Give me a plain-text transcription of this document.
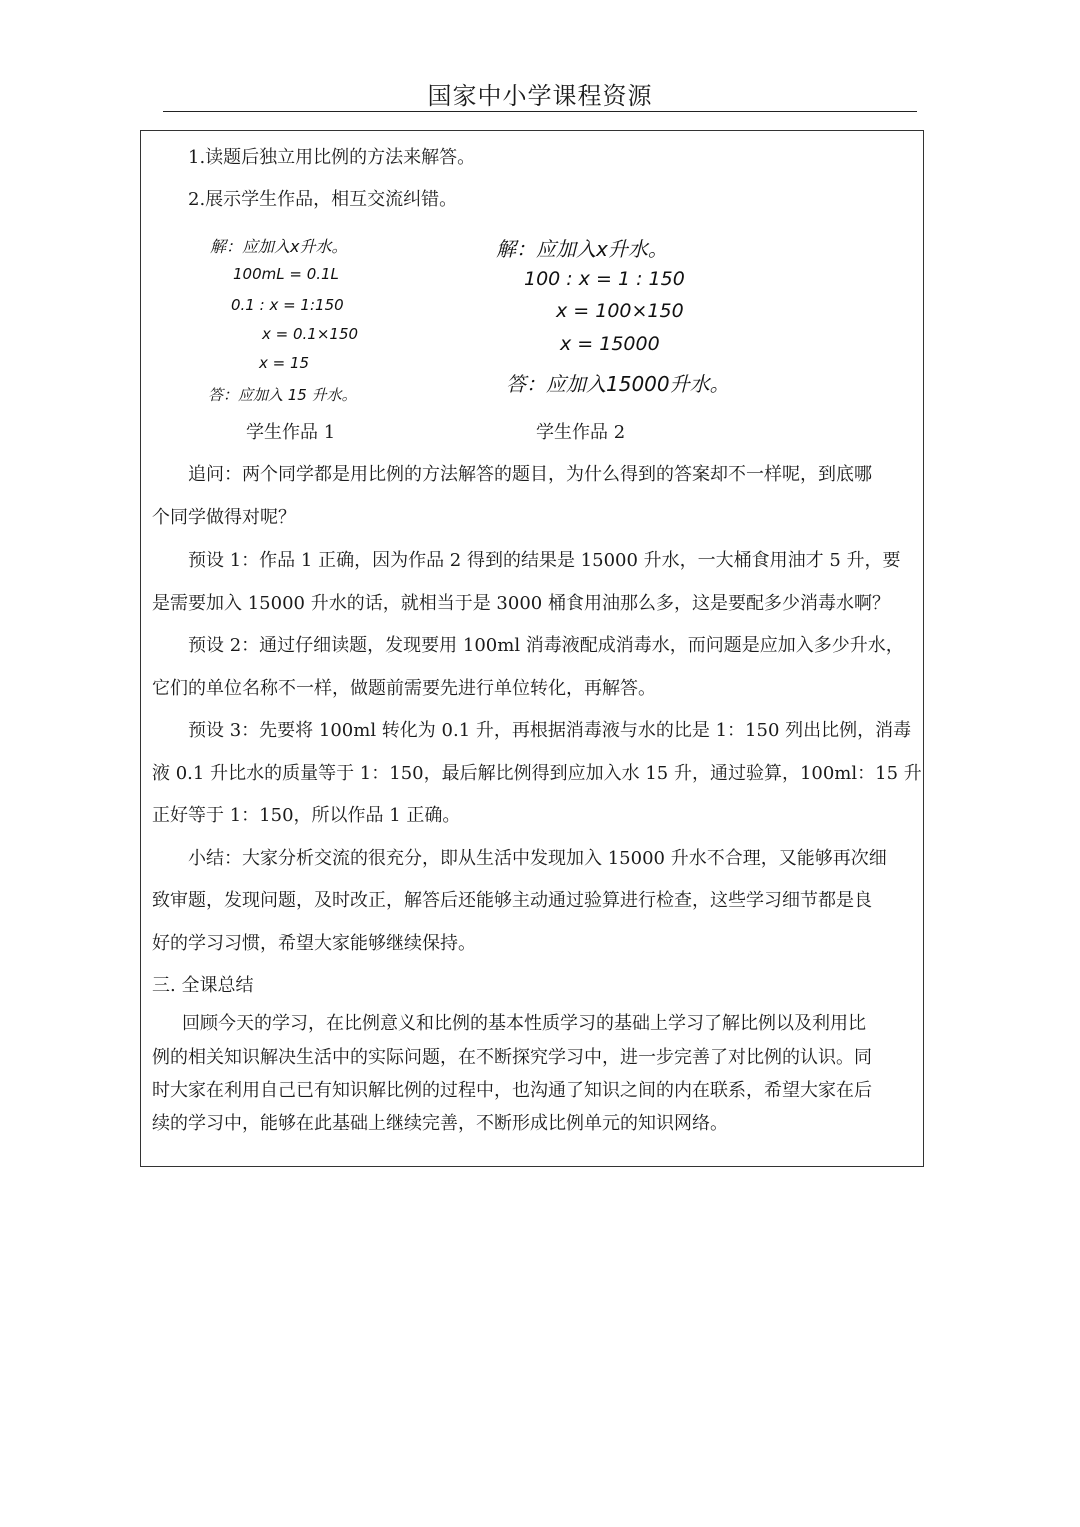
国家中小学课程资源
1.读题后独立用比例的方法来解答。
2.展示学生作品，相互交流纠错。
解：应加入x升水。
100mL = 0.1L
0.1 : x = 1:150
x = 0.1×150
x = 15
答：应加入 15 升水。
学生作品 1
解：应加入x升水。
100 : x = 1 : 150
x = 100×150
x = 15000
答：应加入15000升水。
学生作品 2
追问：两个同学都是用比例的方法解答的题目，为什么得到的答案却不一样呢，到底哪
个同学做得对呢？
预设 1：作品 1 正确，因为作品 2 得到的结果是 15000 升水，一大桶食用油才 5 升，要
是需要加入 15000 升水的话，就相当于是 3000 桶食用油那么多，这是要配多少消毒水啊？
预设 2：通过仔细读题，发现要用 100ml 消毒液配成消毒水，而问题是应加入多少升水，
它们的单位名称不一样，做题前需要先进行单位转化，再解答。
预设 3：先要将 100ml 转化为 0.1 升，再根据消毒液与水的比是 1：150 列出比例，消毒
液 0.1 升比水的质量等于 1：150，最后解比例得到应加入水 15 升，通过验算，100ml：15 升
正好等于 1：150，所以作品 1 正确。
小结：大家分析交流的很充分，即从生活中发现加入 15000 升水不合理，又能够再次细
致审题，发现问题，及时改正，解答后还能够主动通过验算进行检查，这些学习细节都是良
好的学习习惯，希望大家能够继续保持。
三. 全课总结
回顾今天的学习，在比例意义和比例的基本性质学习的基础上学习了解比例以及利用比
例的相关知识解决生活中的实际问题，在不断探究学习中，进一步完善了对比例的认识。同
时大家在利用自己已有知识解比例的过程中，也沟通了知识之间的内在联系，希望大家在后
续的学习中，能够在此基础上继续完善，不断形成比例单元的知识网络。
